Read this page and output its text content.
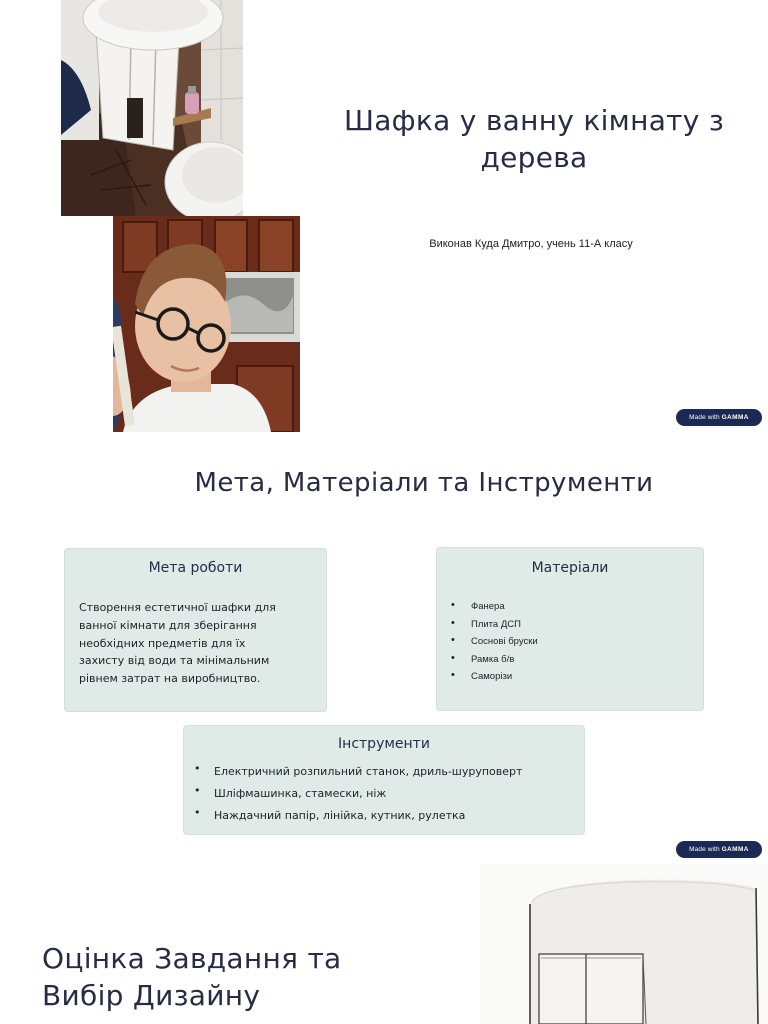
Шафка у ванну кімнату з дерева
Виконав Куда Дмитро, учень 11-А класу
Made with GAMMA
Мета, Матеріали та Інструменти
Мета роботи
Створення естетичної шафки для ванної кімнати для зберігання необхідних предметів для їх захисту від води та мінімальним рівнем затрат на виробництво.
Матеріали
• Фанера
• Плита ДСП
• Соснові бруски
• Рамка б/в
• Саморізи
Інструменти
• Електричний розпильний станок, дриль-шуруповерт
• Шліфмашинка, стамески, ніж
• Наждачний папір, лінійка, кутник, рулетка
Made with GAMMA
Оцінка Завдання та Вибір Дизайну
